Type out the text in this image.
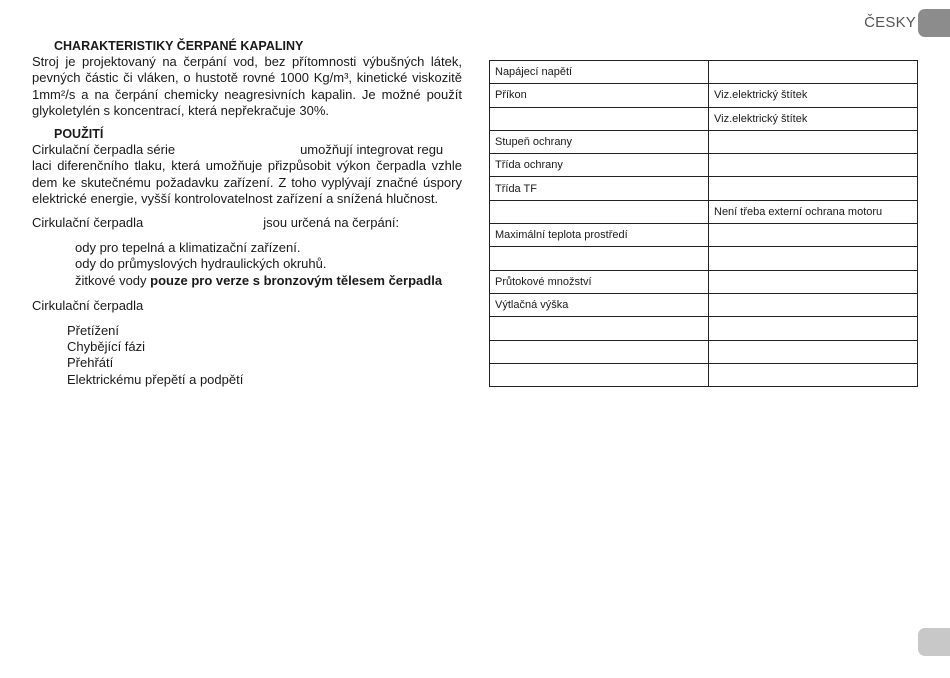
ČESKY
CHARAKTERISTIKY ČERPANÉ KAPALINY

Stroj je projektovaný na čerpání vod, bez přítomnosti výbušných látek, pevných částic či vláken, o hustotě rovné 1000 Kg/m³, kinetické viskozitě 1mm²/s a na čerpání chemicky neagresivních kapalin. Je možné použít glykoletylén s koncentrací, která nepřekračuje 30%.

POUŽITÍ

Cirkulační čerpadla série	umožňují integrovat regu

laci diferenčního tlaku, která umožňuje přizpůsobit výkon čerpadla vzhle dem ke skutečnému požadavku zařízení. Z toho vyplývají značné úspory elektrické energie, vyšší kontrolovatelnost zařízení a snížená hlučnost.

Cirkulační čerpadla	jsou určená na čerpání:

ody pro tepelná a klimatizační zařízení.
ody do průmyslových hydraulických okruhů.
žitkové vody pouze pro verze s bronzovým tělesem čerpadla

Cirkulační čerpadla

Přetížení
Chybějící fázi
Přehřátí
Elektrickému přepětí a podpětí
Napájecí napětí	
Příkon	Viz.elektrický štítek
	Viz.elektrický štítek
Stupeň ochrany	
Třída ochrany	
Třída TF	
	Není třeba externí ochrana motoru
Maximální teplota prostředí	

Průtokové množství	
Výtlačná výška	
